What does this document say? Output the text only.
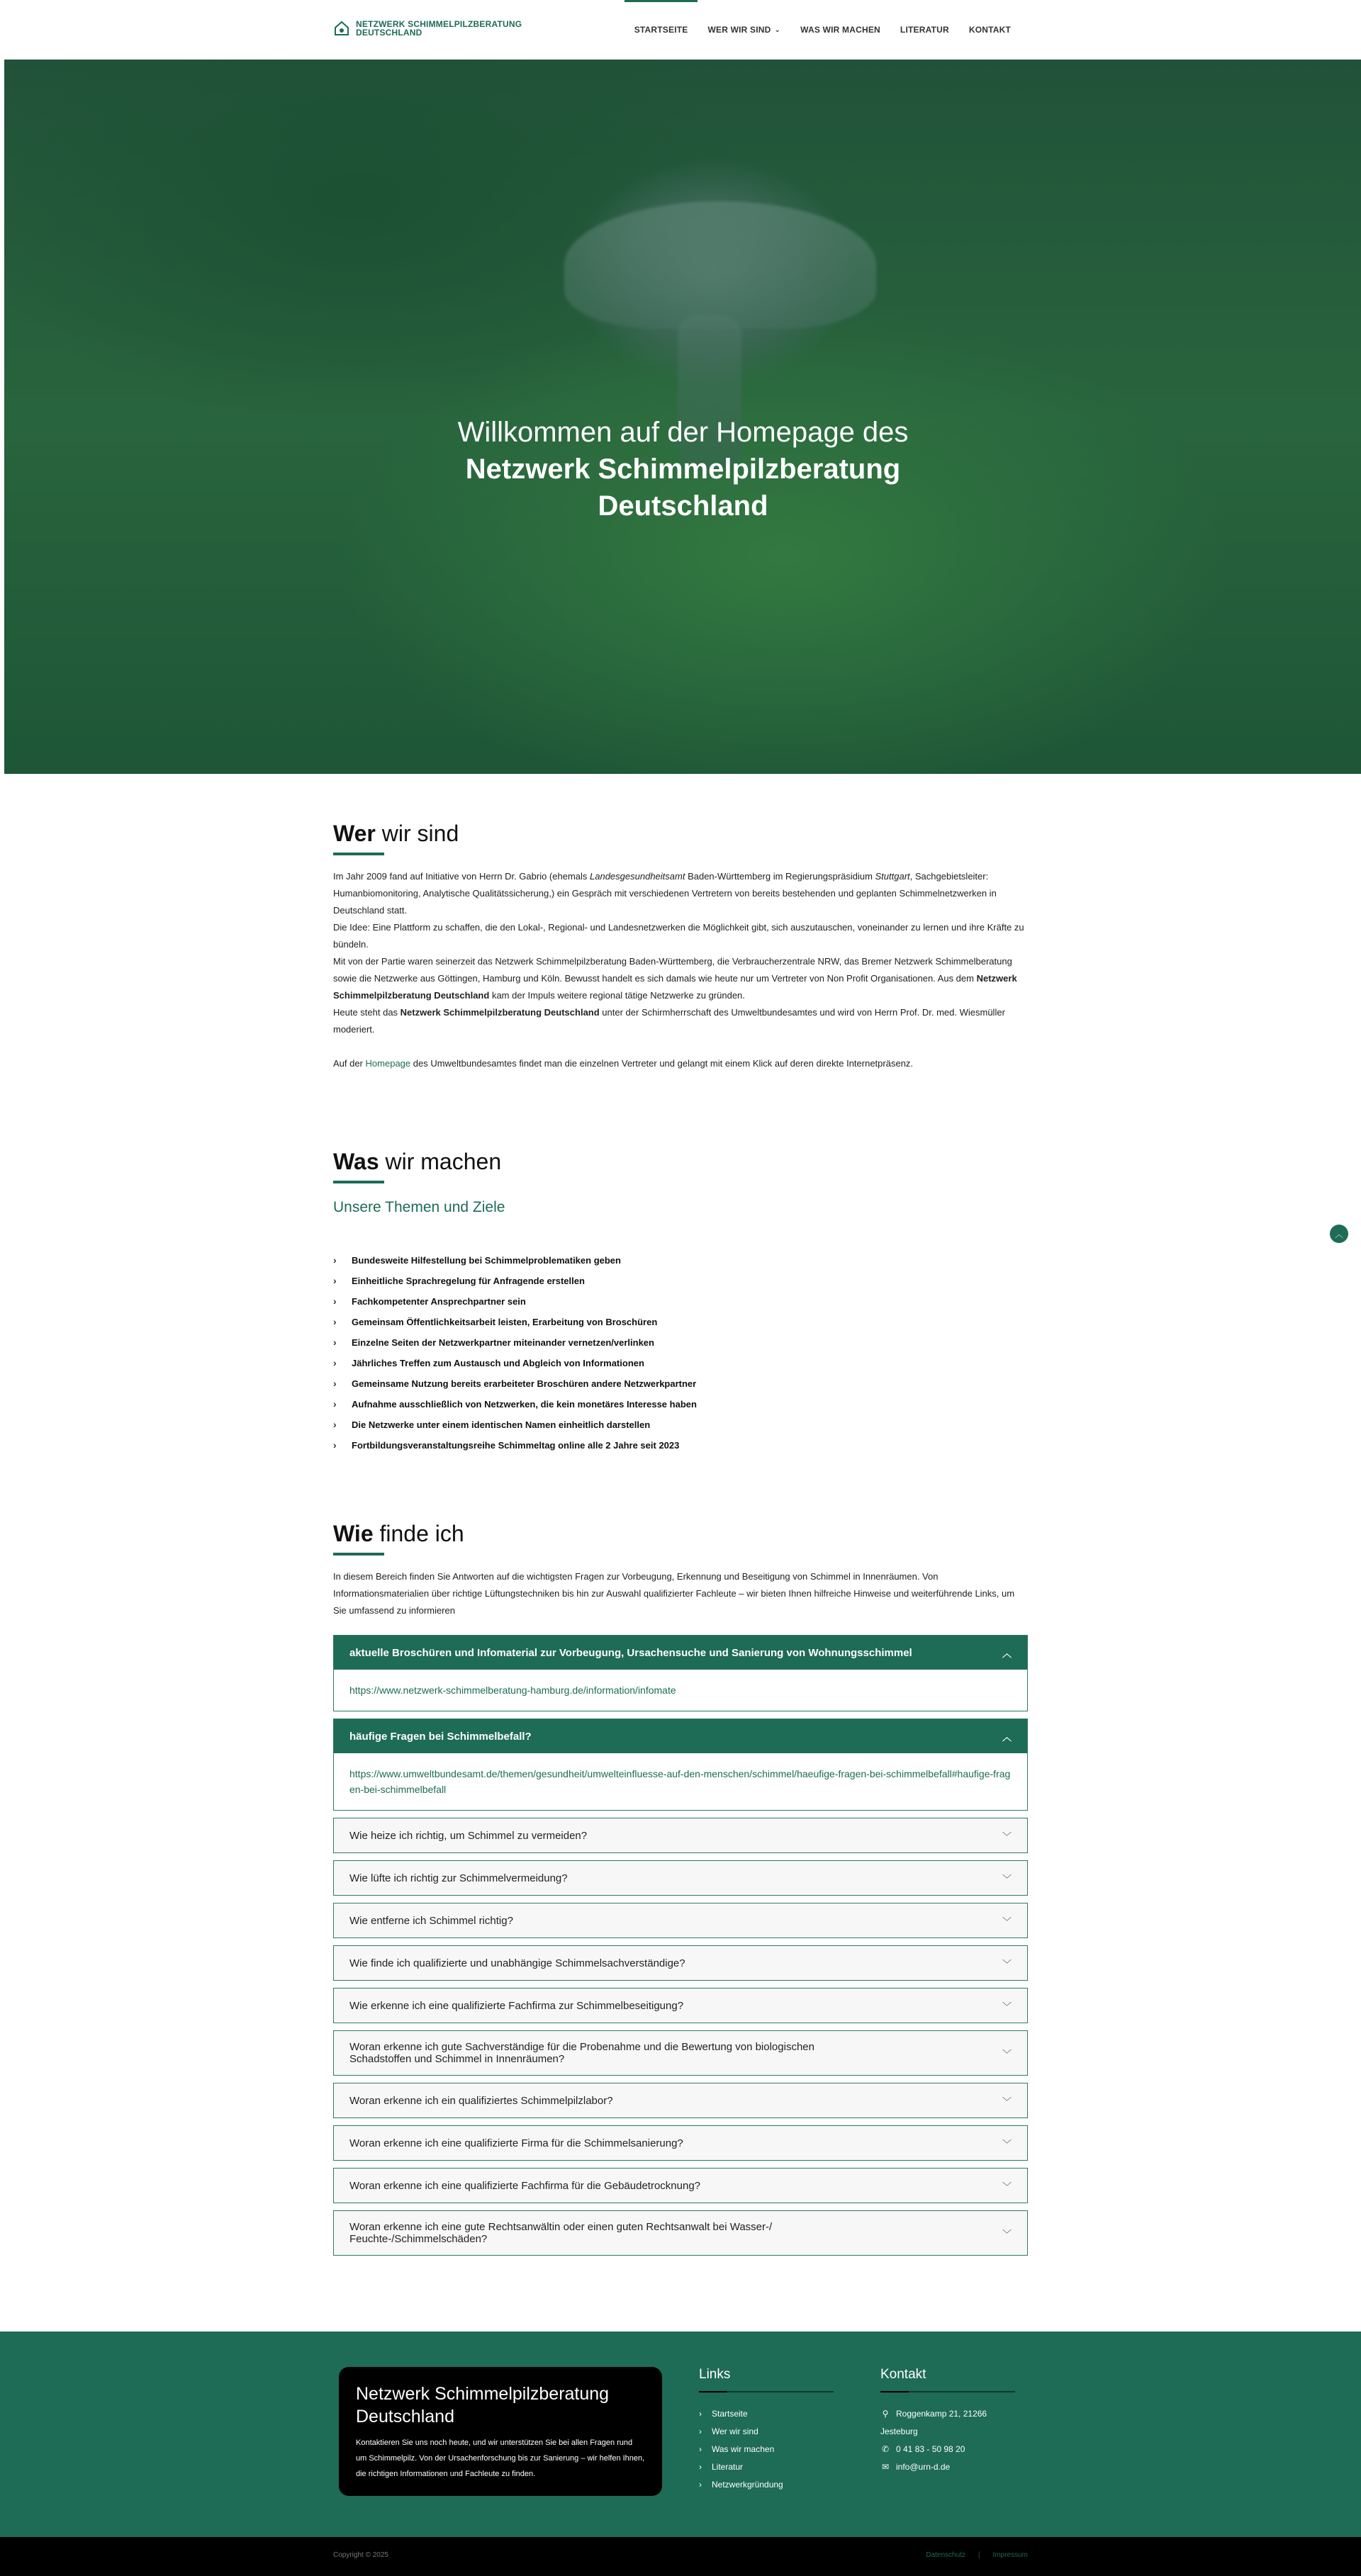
NETZWERK SCHIMMELPILZBERATUNG
DEUTSCHLAND	STARTSEITE WER WIR SIND ⌄ WAS WIR MACHEN LITERATUR KONTAKT
Willkommen auf der Homepage des
Netzwerk Schimmelpilzberatung
Deutschland
Wer wir sind

Im Jahr 2009 fand auf Initiative von Herrn Dr. Gabrio (ehemals Landesgesundheitsamt Baden-Württemberg im Regierungspräsidium Stuttgart, Sachgebietsleiter: Humanbiomonitoring, Analytische Qualitätssicherung,) ein Gespräch mit verschiedenen Vertretern von bereits bestehenden und geplanten Schimmelnetzwerken in Deutschland statt.

Die Idee: Eine Plattform zu schaffen, die den Lokal-, Regional- und Landesnetzwerken die Möglichkeit gibt, sich auszutauschen, voneinander zu lernen und ihre Kräfte zu bündeln.

Mit von der Partie waren seinerzeit das Netzwerk Schimmelpilzberatung Baden-Württemberg, die Verbraucherzentrale NRW, das Bremer Netzwerk Schimmelberatung sowie die Netzwerke aus Göttingen, Hamburg und Köln. Bewusst handelt es sich damals wie heute nur um Vertreter von Non Profit Organisationen. Aus dem Netzwerk Schimmelpilzberatung Deutschland kam der Impuls weitere regional tätige Netzwerke zu gründen.

Heute steht das Netzwerk Schimmelpilzberatung Deutschland unter der Schirmherrschaft des Umweltbundesamtes und wird von Herrn Prof. Dr. med. Wiesmüller moderiert.

Auf der Homepage des Umweltbundesamtes findet man die einzelnen Vertreter und gelangt mit einem Klick auf deren direkte Internetpräsenz.

Was wir machen
Unsere Themen und Ziele
›	Bundesweite Hilfestellung bei Schimmelproblematiken geben
›	Einheitliche Sprachregelung für Anfragende erstellen
›	Fachkompetenter Ansprechpartner sein
›	Gemeinsam Öffentlichkeitsarbeit leisten, Erarbeitung von Broschüren
›	Einzelne Seiten der Netzwerkpartner miteinander vernetzen/verlinken
›	Jährliches Treffen zum Austausch und Abgleich von Informationen
›	Gemeinsame Nutzung bereits erarbeiteter Broschüren andere Netzwerkpartner
›	Aufnahme ausschließlich von Netzwerken, die kein monetäres Interesse haben
›	Die Netzwerke unter einem identischen Namen einheitlich darstellen
›	Fortbildungsveranstaltungsreihe Schimmeltag online alle 2 Jahre seit 2023
Wie finde ich

In diesem Bereich finden Sie Antworten auf die wichtigsten Fragen zur Vorbeugung, Erkennung und Beseitigung von Schimmel in Innenräumen. Von Informationsmaterialien über richtige Lüftungstechniken bis hin zur Auswahl qualifizierter Fachleute – wir bieten Ihnen hilfreiche Hinweise und weiterführende Links, um Sie umfassend zu informieren

aktuelle Broschüren und Infomaterial zur Vorbeugung, Ursachensuche und Sanierung von Wohnungsschimmel	︿
https://www.netzwerk-schimmelberatung-hamburg.de/information/infomate
häufige Fragen bei Schimmelbefall?	︿
https://www.umweltbundesamt.de/themen/gesundheit/umwelteinfluesse-auf-den-menschen/schimmel/haeufige-fragen-bei-schimmelbefall#haufige-fragen-bei-schimmelbefall
Wie heize ich richtig, um Schimmel zu vermeiden?	﹀
Wie lüfte ich richtig zur Schimmelvermeidung?	﹀
Wie entferne ich Schimmel richtig?	﹀
Wie finde ich qualifizierte und unabhängige Schimmelsachverständige?	﹀
Wie erkenne ich eine qualifizierte Fachfirma zur Schimmelbeseitigung?	﹀
Woran erkenne ich gute Sachverständige für die Probenahme und die Bewertung von biologischen Schadstoffen und Schimmel in Innenräumen?	﹀
Woran erkenne ich ein qualifiziertes Schimmelpilzlabor?	﹀
Woran erkenne ich eine qualifizierte Firma für die Schimmelsanierung?	﹀
Woran erkenne ich eine qualifizierte Fachfirma für die Gebäudetrocknung?	﹀
Woran erkenne ich eine gute Rechtsanwältin oder einen guten Rechtsanwalt bei Wasser-/ Feuchte-/Schimmelschäden?	﹀
︿
Netzwerk Schimmelpilzberatung Deutschland

Kontaktieren Sie uns noch heute, und wir unterstützen Sie bei allen Fragen rund um Schimmelpilz. Von der Ursachenforschung bis zur Sanierung – wir helfen Ihnen, die richtigen Informationen und Fachleute zu finden.

Links
›	Startseite
›	Wer wir sind
›	Was wir machen
›	Literatur
›	Netzwerkgründung
Kontakt
⚲ Roggenkamp 21, 21266
Jesteburg
✆ 0 41 83 - 50 98 20
✉ info@urn-d.de
Copyright © 2025	Datenschutz | Impressum
